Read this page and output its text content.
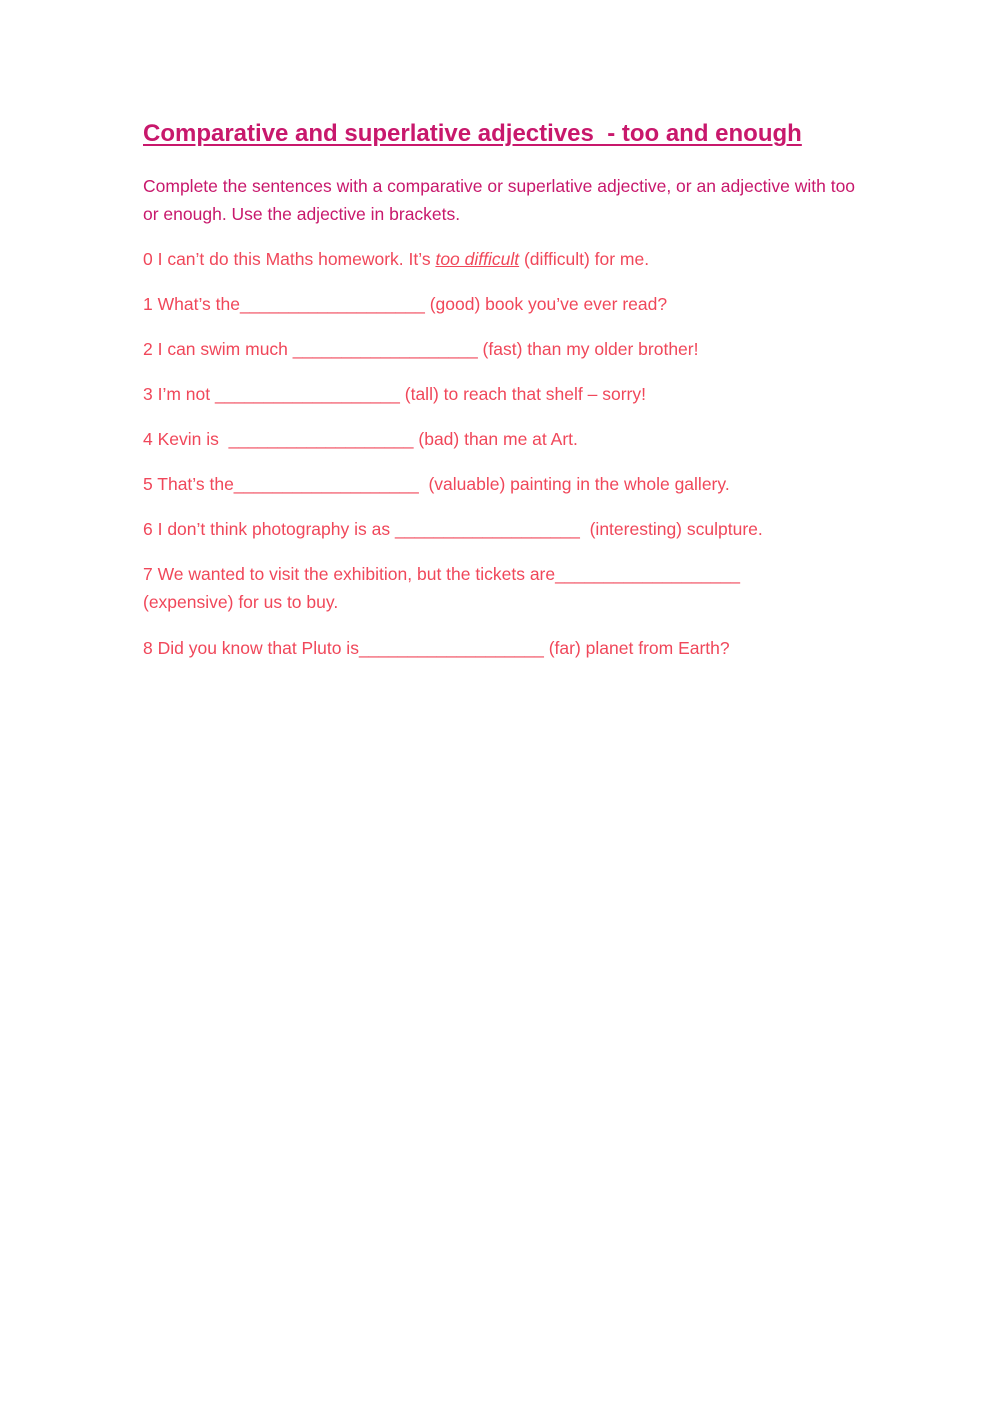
Comparative and superlative adjectives  - too and enough

Complete the sentences with a comparative or superlative adjective, or an adjective with too or enough. Use the adjective in brackets.

0 I can’t do this Maths homework. It’s too difficult (difficult) for me.

1 What’s the___________________ (good) book you’ve ever read?

2 I can swim much ___________________ (fast) than my older brother!

3 I’m not ___________________ (tall) to reach that shelf – sorry!

4 Kevin is  ___________________ (bad) than me at Art.

5 That’s the___________________  (valuable) painting in the whole gallery.

6 I don’t think photography is as ___________________  (interesting) sculpture.

7 We wanted to visit the exhibition, but the tickets are___________________ (expensive) for us to buy.

8 Did you know that Pluto is___________________ (far) planet from Earth?
